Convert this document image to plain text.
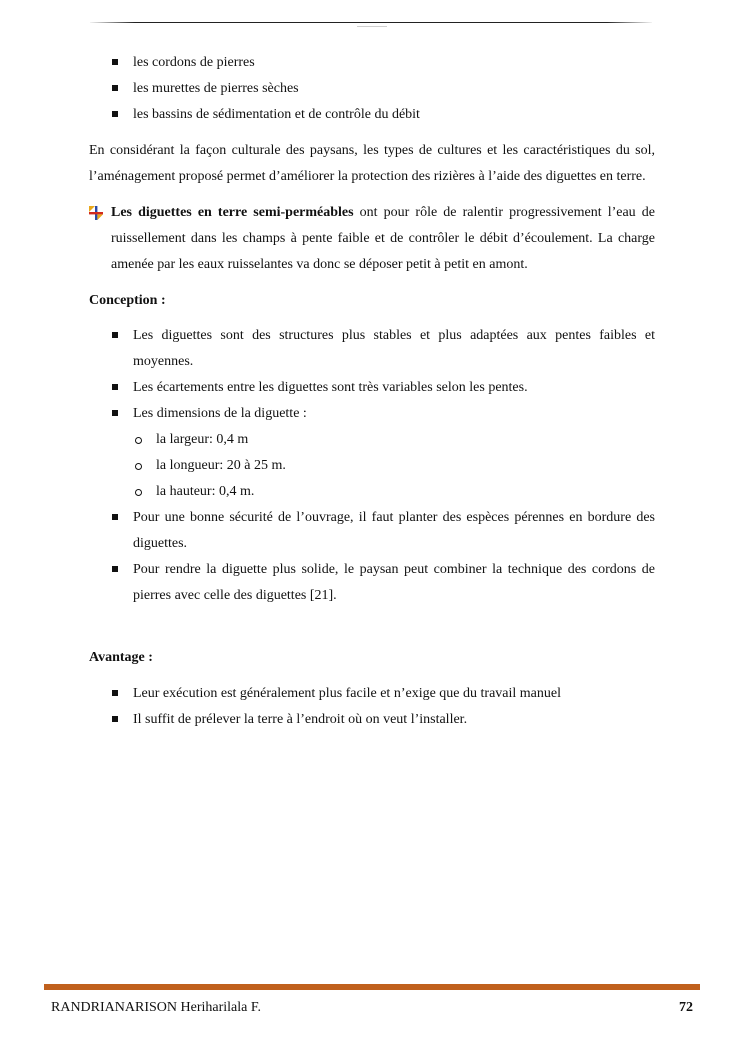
les cordons de pierres
les murettes de pierres sèches
les bassins de sédimentation et de contrôle du débit

En considérant la façon culturale des paysans, les types de cultures et les caractéristiques du sol, l’aménagement proposé permet d’améliorer la protection des rizières à l’aide des diguettes en terre.

Les diguettes en terre semi-perméables ont pour rôle de ralentir progressivement l’eau de ruissellement dans les champs à pente faible et de contrôler le débit d’écoulement. La charge amenée par les eaux ruisselantes va donc se déposer petit à petit en amont.

Conception :

Les diguettes sont des structures plus stables et plus adaptées aux pentes faibles et moyennes.
Les écartements entre les diguettes sont très variables selon les pentes.
Les dimensions de la diguette :
la largeur: 0,4 m
la longueur: 20 à 25 m.
la hauteur: 0,4 m.
Pour une bonne sécurité de l’ouvrage, il faut planter des espèces pérennes en bordure des diguettes.
Pour rendre la diguette plus solide, le paysan peut combiner la technique des cordons de pierres avec celle des diguettes [21].

Avantage :

Leur exécution est généralement plus facile et n’exige que du travail manuel
Il suffit de prélever la terre à l’endroit où on veut l’installer.
RANDRIANARISON Heriharilala F.	72
